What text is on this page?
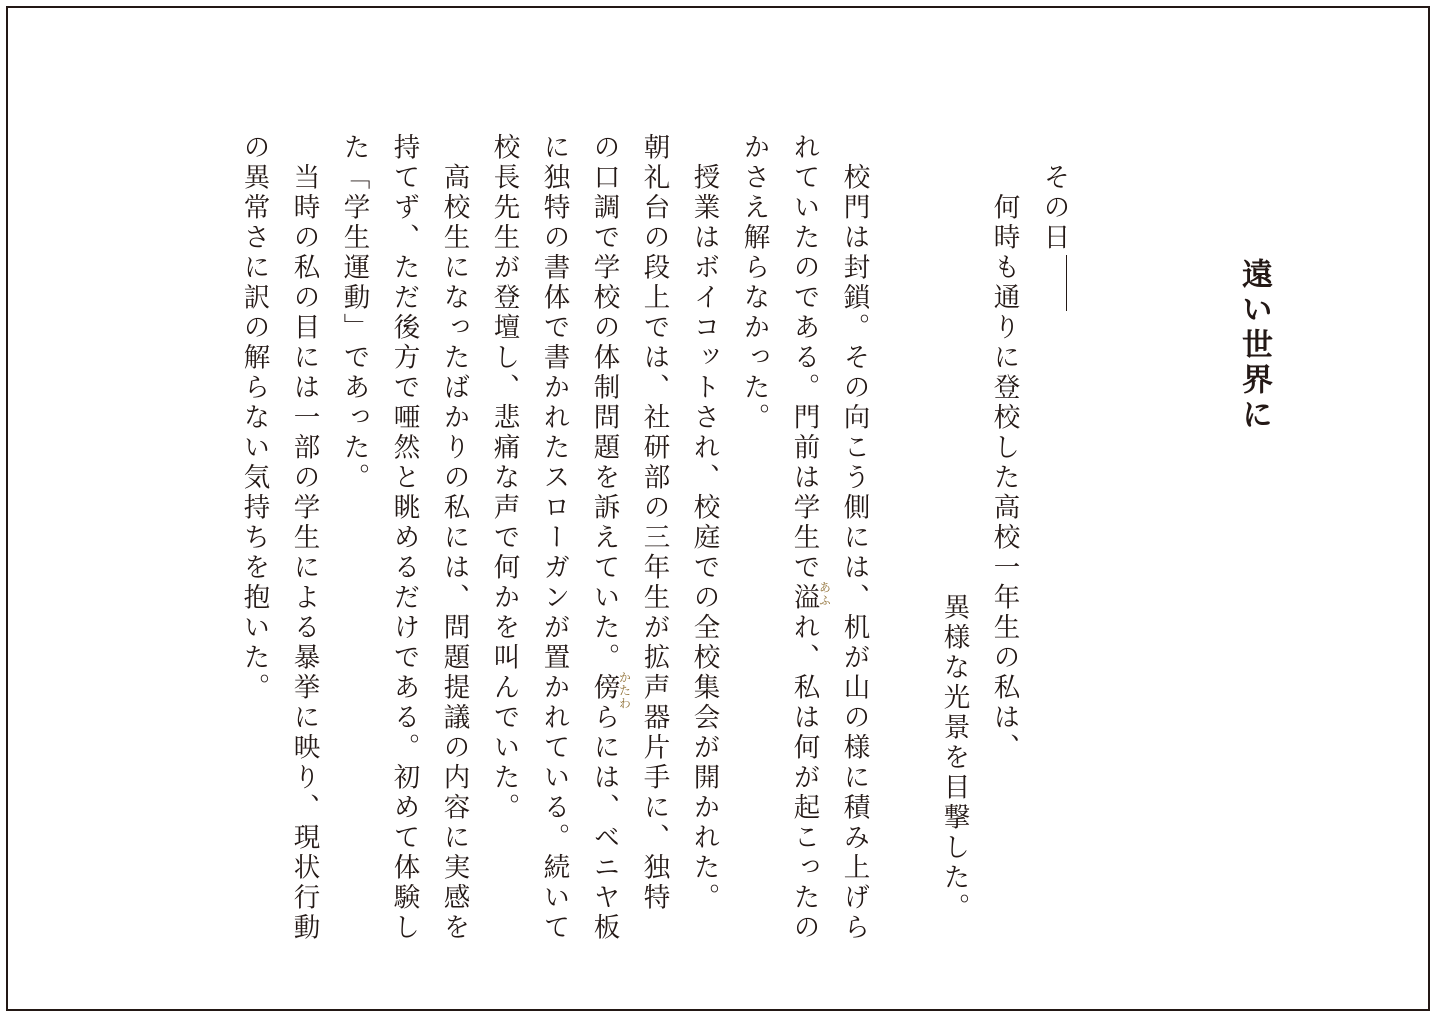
遠い世界に
その日
何時も通りに登校した高校一年生の私は、
異様な光景を目撃した。
校門は封鎖。その向こう側には、机が山の様に積み上げら
れていたのである。門前は学生で溢
あふ
れ、私は何が起こったの
かさえ解らなかった。
授業はボイコットされ、校庭での全校集会が開かれた。
朝礼台の段上では、社研部の三年生が拡声器片手に、独特
の口調で学校の体制問題を訴えていた。傍
かたわ
らには、ベニヤ板
に独特の書体で書かれたスローガンが置かれている。続いて
校長先生が登壇し、悲痛な声で何かを叫んでいた。
高校生になったばかりの私には、問題提議の内容に実感を
持てず、ただ後方で唖然と眺めるだけである。初めて体験し
た「学生運動」であった。
当時の私の目には一部の学生による暴挙に映り、現状行動
の異常さに訳の解らない気持ちを抱いた。
